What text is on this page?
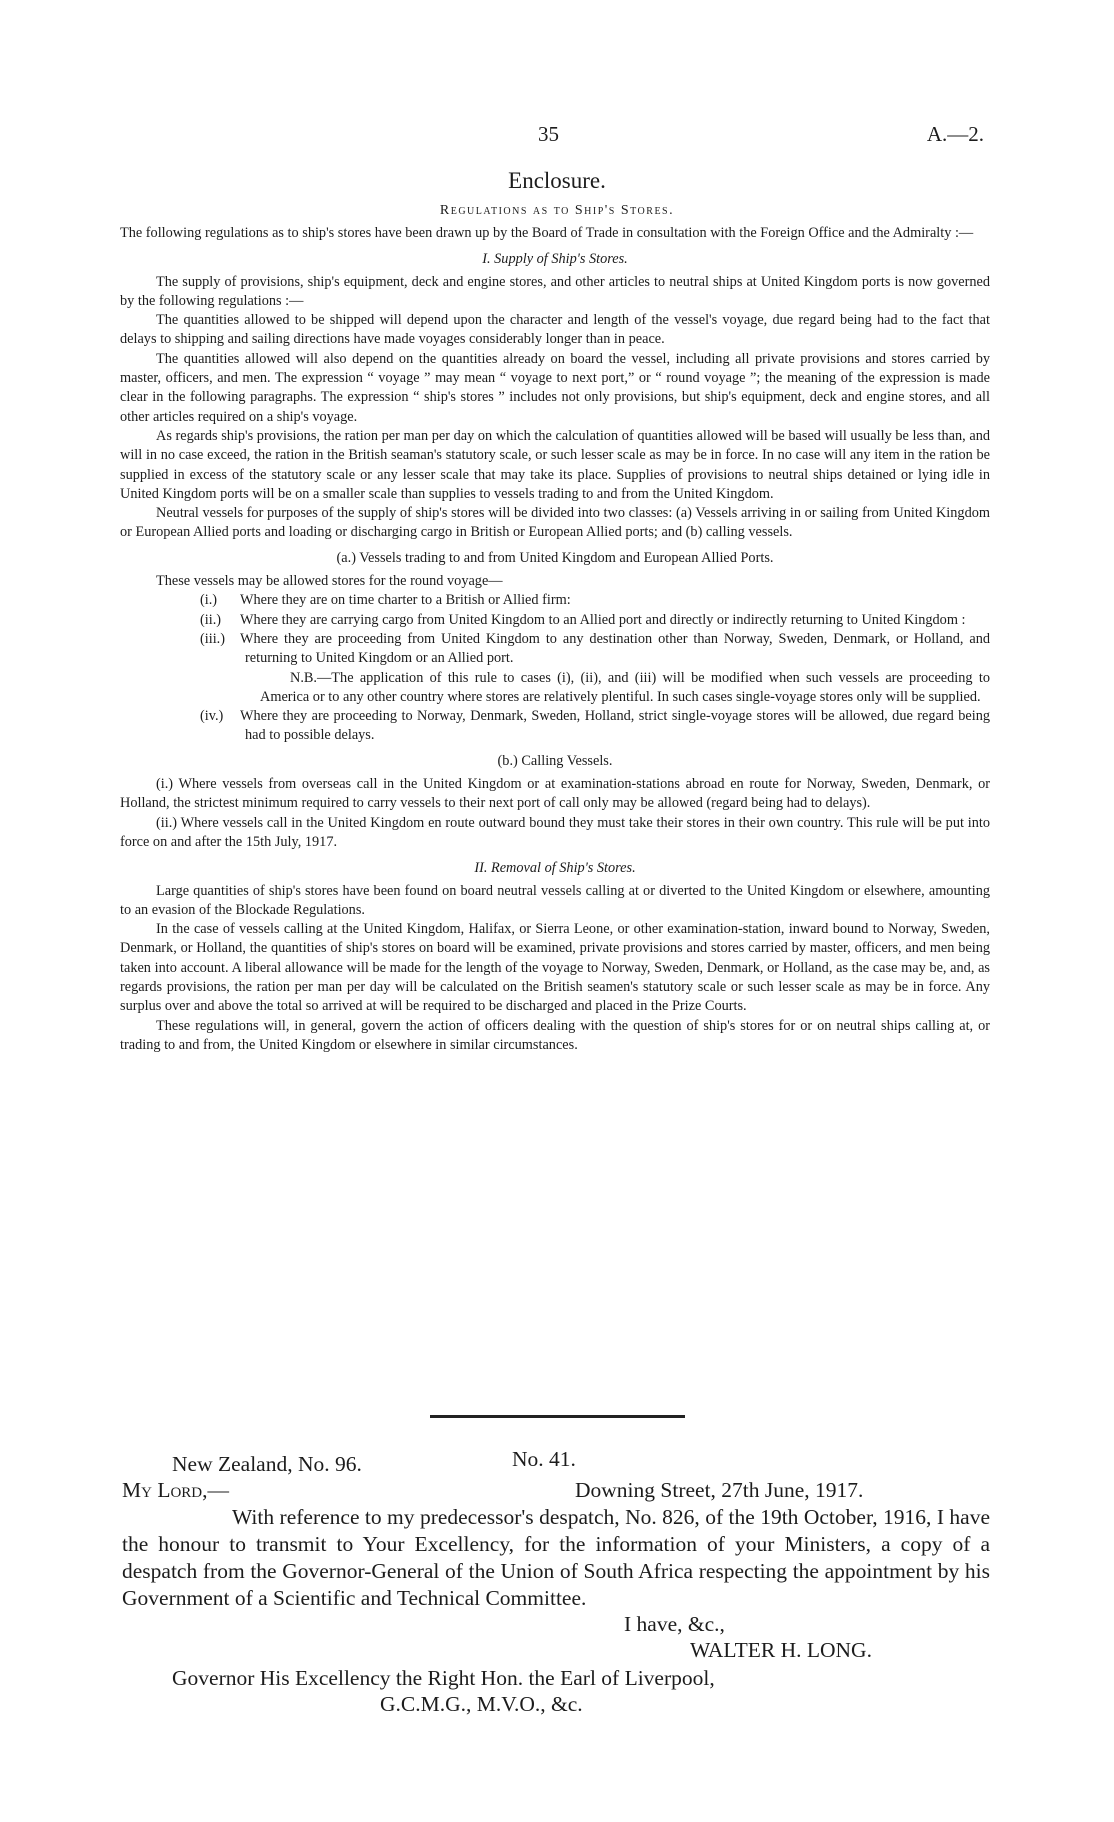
35	A.—2.
Enclosure.
Regulations as to Ship's Stores.

The following regulations as to ship's stores have been drawn up by the Board of Trade in consultation with the Foreign Office and the Admiralty :—

I. Supply of Ship's Stores.

The supply of provisions, ship's equipment, deck and engine stores, and other articles to neutral ships at United Kingdom ports is now governed by the following regulations :—

The quantities allowed to be shipped will depend upon the character and length of the vessel's voyage, due regard being had to the fact that delays to shipping and sailing directions have made voyages considerably longer than in peace.

The quantities allowed will also depend on the quantities already on board the vessel, including all private provisions and stores carried by master, officers, and men. The expression “ voyage ” may mean “ voyage to next port,” or “ round voyage ”; the meaning of the expression is made clear in the following paragraphs. The expression “ ship's stores ” includes not only provisions, but ship's equipment, deck and engine stores, and all other articles required on a ship's voyage.

As regards ship's provisions, the ration per man per day on which the calculation of quantities allowed will be based will usually be less than, and will in no case exceed, the ration in the British seaman's statutory scale, or such lesser scale as may be in force. In no case will any item in the ration be supplied in excess of the statutory scale or any lesser scale that may take its place. Supplies of provisions to neutral ships detained or lying idle in United Kingdom ports will be on a smaller scale than supplies to vessels trading to and from the United Kingdom.

Neutral vessels for purposes of the supply of ship's stores will be divided into two classes: (a) Vessels arriving in or sailing from United Kingdom or European Allied ports and loading or discharging cargo in British or European Allied ports; and (b) calling vessels.

(a.) Vessels trading to and from United Kingdom and European Allied Ports.

These vessels may be allowed stores for the round voyage—

(i.) Where they are on time charter to a British or Allied firm:
(ii.) Where they are carrying cargo from United Kingdom to an Allied port and directly or indirectly returning to United Kingdom :
(iii.) Where they are proceeding from United Kingdom to any destination other than Norway, Sweden, Denmark, or Holland, and returning to United Kingdom or an Allied port.

N.B.—The application of this rule to cases (i), (ii), and (iii) will be modified when such vessels are proceeding to America or to any other country where stores are relatively plentiful. In such cases single-voyage stores only will be supplied.

(iv.) Where they are proceeding to Norway, Denmark, Sweden, Holland, strict single-voyage stores will be allowed, due regard being had to possible delays.
(b.) Calling Vessels.

(i.) Where vessels from overseas call in the United Kingdom or at examination-stations abroad en route for Norway, Sweden, Denmark, or Holland, the strictest minimum required to carry vessels to their next port of call only may be allowed (regard being had to delays).

(ii.) Where vessels call in the United Kingdom en route outward bound they must take their stores in their own country. This rule will be put into force on and after the 15th July, 1917.

II. Removal of Ship's Stores.

Large quantities of ship's stores have been found on board neutral vessels calling at or diverted to the United Kingdom or elsewhere, amounting to an evasion of the Blockade Regulations.

In the case of vessels calling at the United Kingdom, Halifax, or Sierra Leone, or other examination-station, inward bound to Norway, Sweden, Denmark, or Holland, the quantities of ship's stores on board will be examined, private provisions and stores carried by master, officers, and men being taken into account. A liberal allowance will be made for the length of the voyage to Norway, Sweden, Denmark, or Holland, as the case may be, and, as regards provisions, the ration per man per day will be calculated on the British seamen's statutory scale or such lesser scale as may be in force. Any surplus over and above the total so arrived at will be required to be discharged and placed in the Prize Courts.

These regulations will, in general, govern the action of officers dealing with the question of ship's stores for or on neutral ships calling at, or trading to and from, the United Kingdom or elsewhere in similar circumstances.

New Zealand, No. 96.	No. 41.
My Lord,—	Downing Street, 27th June, 1917.

With reference to my predecessor's despatch, No. 826, of the 19th October, 1916, I have the honour to transmit to Your Excellency, for the information of your Ministers, a copy of a despatch from the Governor-General of the Union of South Africa respecting the appointment by his Government of a Scientific and Technical Committee.

I have, &c.,
WALTER H. LONG.
Governor His Excellency the Right Hon. the Earl of Liverpool,
G.C.M.G., M.V.O., &c.
